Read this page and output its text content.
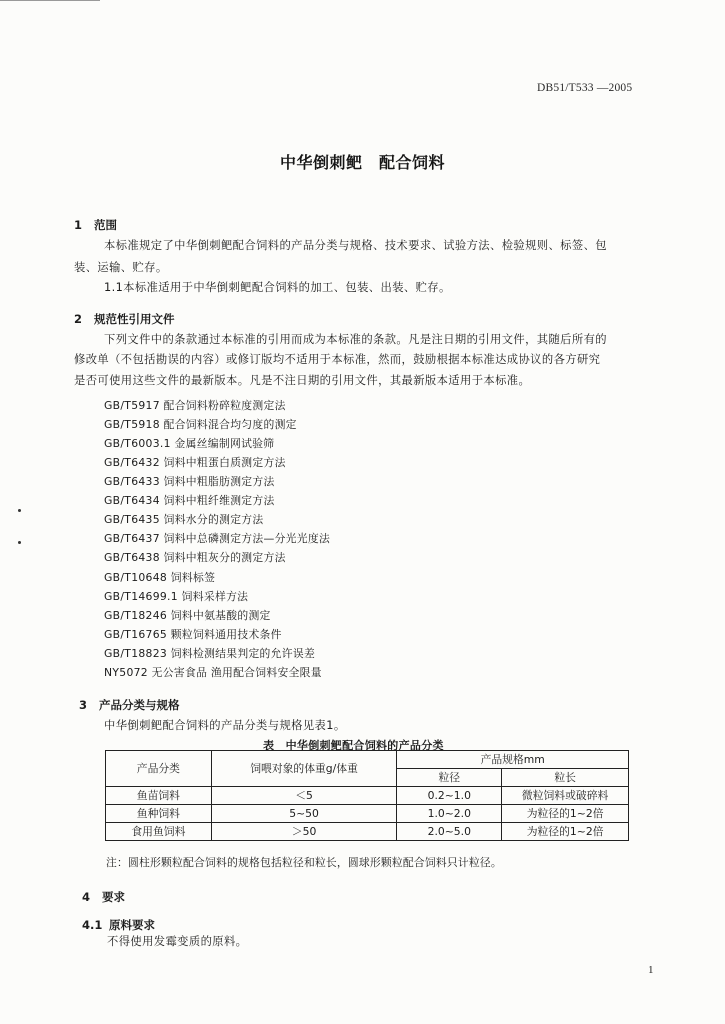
DB51/T533 —2005
中华倒刺鲃　配合饲料
1 范围
本标准规定了中华倒刺鲃配合饲料的产品分类与规格、技术要求、试验方法、检验规则、标签、包
装、运输、贮存。
1.1本标准适用于中华倒刺鲃配合饲料的加工、包装、出装、贮存。
2 规范性引用文件
下列文件中的条款通过本标准的引用而成为本标准的条款。凡是注日期的引用文件，其随后所有的
修改单（不包括勘误的内容）或修订版均不适用于本标准，然而，鼓励根据本标准达成协议的各方研究
是否可使用这些文件的最新版本。凡是不注日期的引用文件，其最新版本适用于本标准。
GB/T5917 配合饲料粉碎粒度测定法
GB/T5918 配合饲料混合均匀度的测定
GB/T6003.1 金属丝编制网试验筛
GB/T6432 饲料中粗蛋白质测定方法
GB/T6433 饲料中粗脂肪测定方法
GB/T6434 饲料中粗纤维测定方法
GB/T6435 饲料水分的测定方法
GB/T6437 饲料中总磷测定方法—分光光度法
GB/T6438 饲料中粗灰分的测定方法
GB/T10648 饲料标签
GB/T14699.1 饲料采样方法
GB/T18246 饲料中氨基酸的测定
GB/T16765 颗粒饲料通用技术条件
GB/T18823 饲料检测结果判定的允许误差
NY5072 无公害食品 渔用配合饲料安全限量
3 产品分类与规格
中华倒刺鲃配合饲料的产品分类与规格见表1。
表　中华倒刺鲃配合饲料的产品分类
产品分类	饲喂对象的体重g/体重	产品规格mm	
		粒径	粒长
鱼苗饲料	＜5	0.2~1.0	微粒饲料或破碎料
鱼种饲料	5~50	1.0~2.0	为粒径的1~2倍
食用鱼饲料	＞50	2.0~5.0	为粒径的1~2倍
注：圆柱形颗粒配合饲料的规格包括粒径和粒长，圆球形颗粒配合饲料只计粒径。
4 要求
4.1 原料要求
不得使用发霉变质的原料。
1
